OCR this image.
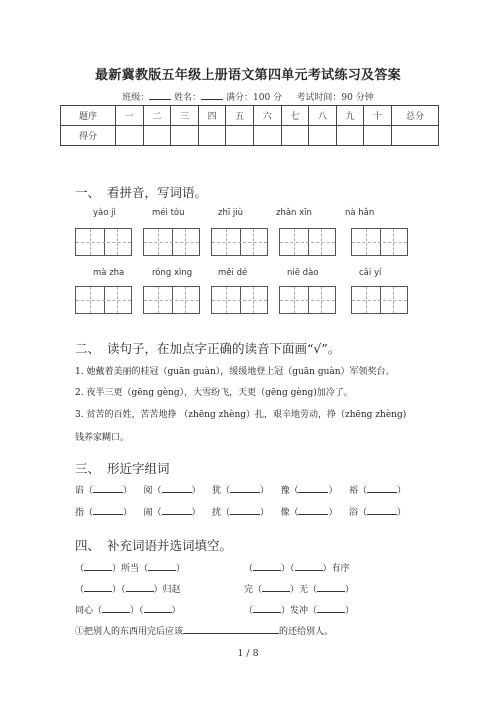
最新冀教版五年级上册语文第四单元考试练习及答案
班级：	姓名：	满分：100 分 考试时间：90 分钟
题序	一	二	三	四	五	六	七	八	九	十	总分
得分											
一、 看拼音，写词语。
yào jì	méi tóu	zhī jiù	zhǎn xīn	nà hǎn
mà zha	róng xìng	měi dé	niē dào	cāi yí
二、 读句子，在加点字正确的读音下面画“√”。
1. 她戴着美丽的桂冠（guān guàn），缓缓地登上冠（guān guàn）军领奖台。
2. 夜半三更（gēng gèng），大雪纷飞，天更（gēng gèng)加冷了。
3. 贫苦的百姓，苦苦地挣 （zhēng zhèng）扎，艰辛地劳动，挣（zhēng zhèng)
钱养家糊口。
三、 形近字组词
谄（	）    阅（	）    犹（	）    豫（	）    裕（	）
指（	）    闹（	）    扰（	）    像（	）    浴（	）
四、 补充词语并选词填空。
（	）所当（	）	（	）（	）有序
（	）（	）归赵	完（	）无（	）
同心（	）（	）	（	）发冲（	）
①把别人的东西用完后应该	的还给别人。
1 / 8
